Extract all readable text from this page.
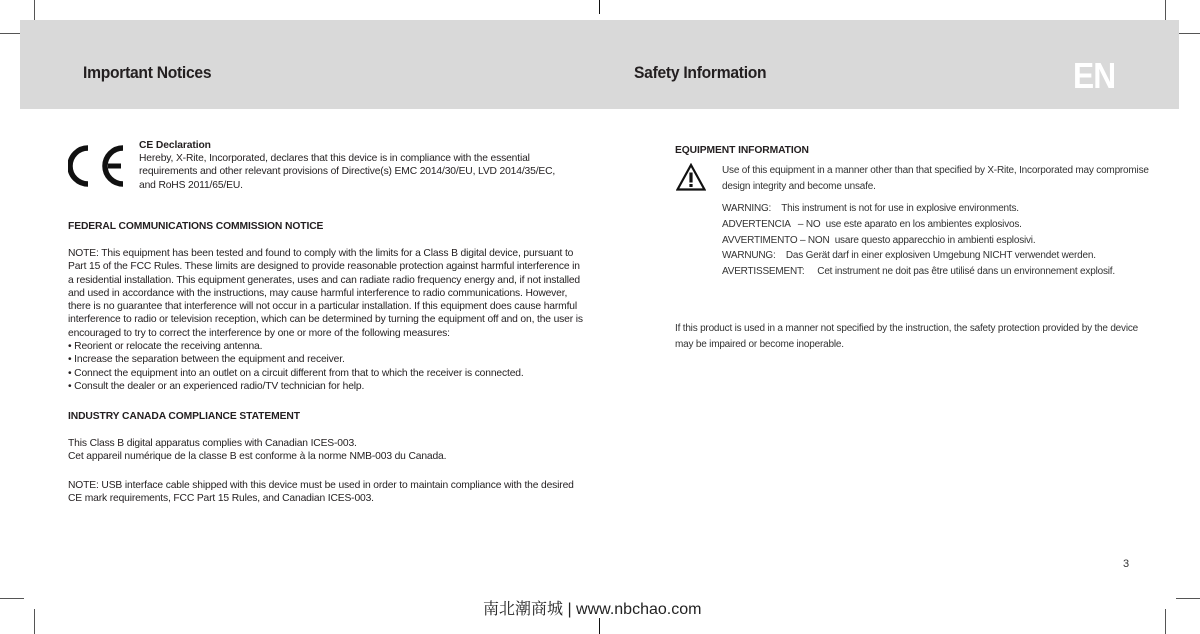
Important Notices	Safety Information	EN
CE Declaration
Hereby, X-Rite, Incorporated, declares that this device is in compliance with the essential
requirements and other relevant provisions of Directive(s) EMC 2014/30/EU, LVD 2014/35/EC,
and RoHS 2011/65/EU.
FEDERAL COMMUNICATIONS COMMISSION NOTICE
NOTE: This equipment has been tested and found to comply with the limits for a Class B digital device, pursuant to
Part 15 of the FCC Rules. These limits are designed to provide reasonable protection against harmful interference in
a residential installation. This equipment generates, uses and can radiate radio frequency energy and, if not installed
and used in accordance with the instructions, may cause harmful interference to radio communications. However,
there is no guarantee that interference will not occur in a particular installation. If this equipment does cause harmful
interference to radio or television reception, which can be determined by turning the equipment off and on, the user is
encouraged to try to correct the interference by one or more of the following measures:
• Reorient or relocate the receiving antenna.
• Increase the separation between the equipment and receiver.
• Connect the equipment into an outlet on a circuit different from that to which the receiver is connected.
• Consult the dealer or an experienced radio/TV technician for help.
INDUSTRY CANADA COMPLIANCE STATEMENT
This Class B digital apparatus complies with Canadian ICES-003.
Cet appareil numérique de la classe B est conforme à la norme NMB-003 du Canada.
NOTE: USB interface cable shipped with this device must be used in order to maintain compliance with the desired
CE mark requirements, FCC Part 15 Rules, and Canadian ICES-003.
EQUIPMENT INFORMATION
Use of this equipment in a manner other than that specified by X-Rite, Incorporated may compromise
design integrity and become unsafe.
WARNING:    This instrument is not for use in explosive environments.
ADVERTENCIA   – NO  use este aparato en los ambientes explosivos.
AVVERTIMENTO – NON  usare questo apparecchio in ambienti esplosivi.
WARNUNG:    Das Gerät darf in einer explosiven Umgebung NICHT verwendet werden.
AVERTISSEMENT:     Cet instrument ne doit pas être utilisé dans un environnement explosif.
If this product is used in a manner not specified by the instruction, the safety protection provided by the device
may be impaired or become inoperable.
3
南北潮商城 | www.nbchao.com
